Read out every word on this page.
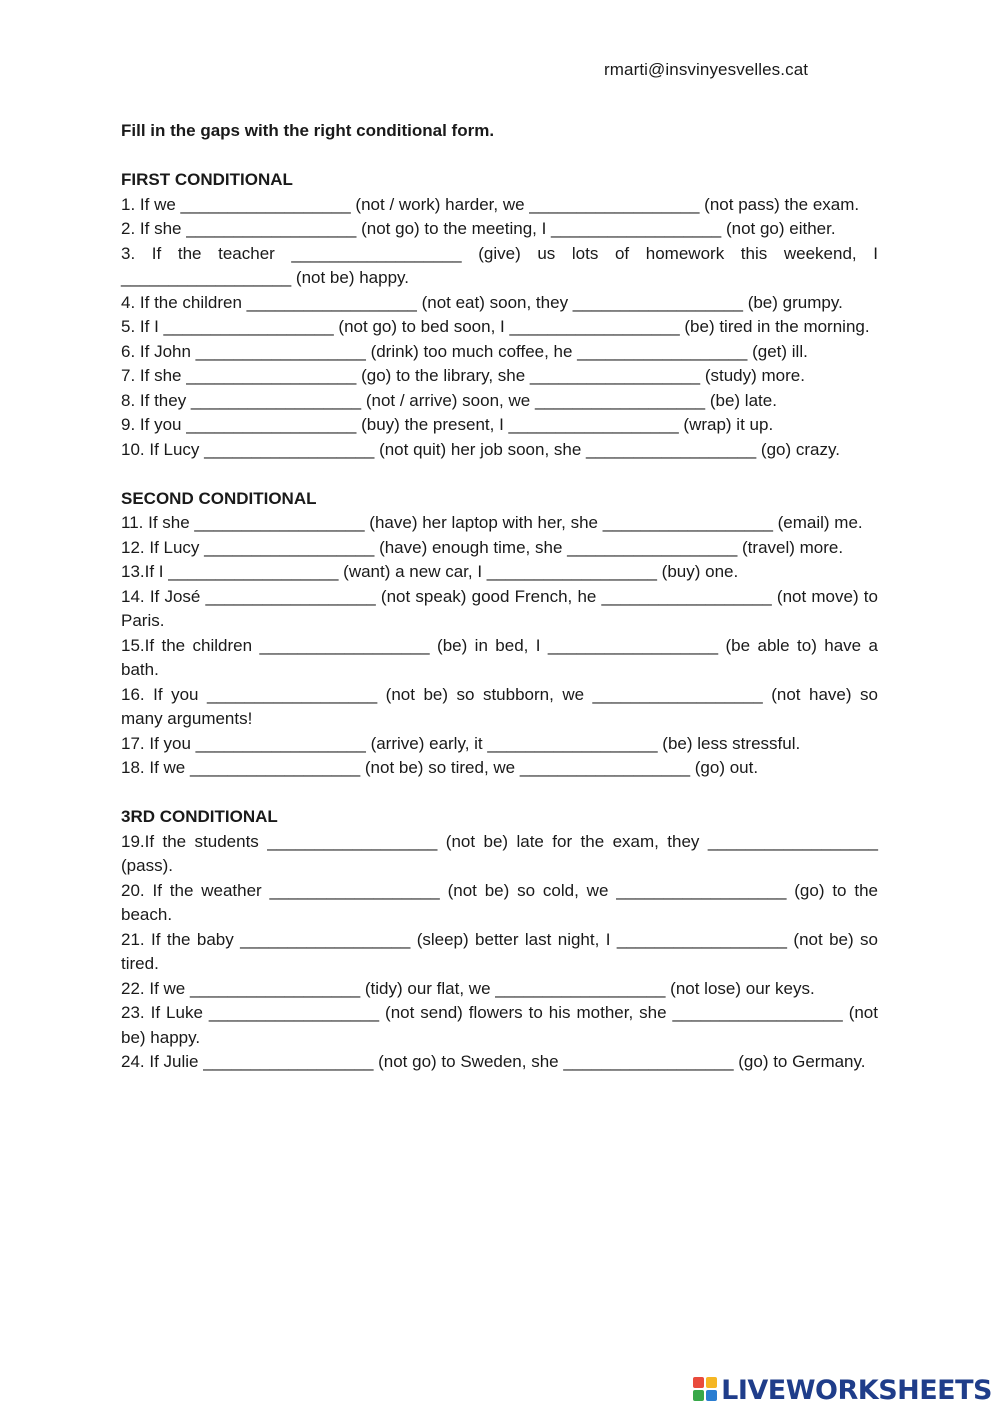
rmarti@insvinyesvelles.cat

Fill in the gaps with the right conditional form.

FIRST CONDITIONAL

1. If we __________________ (not / work) harder, we __________________ (not pass) the exam.

2. If she __________________ (not go) to the meeting, I __________________ (not go) either.

3. If the teacher __________________ (give) us lots of homework this weekend, I __________________ (not be) happy.

4. If the children __________________ (not eat) soon, they __________________ (be) grumpy.

5. If I __________________ (not go) to bed soon, I __________________ (be) tired in the morning.

6. If John __________________ (drink) too much coffee, he __________________ (get) ill.

7. If she __________________ (go) to the library, she __________________ (study) more.

8. If they __________________ (not / arrive) soon, we __________________ (be) late.

9. If you __________________ (buy) the present, I __________________ (wrap) it up.

10. If Lucy __________________ (not quit) her job soon, she __________________ (go) crazy.

SECOND CONDITIONAL

11. If she __________________ (have) her laptop with her, she __________________ (email) me.

12. If Lucy __________________ (have) enough time, she __________________ (travel) more.

13.If I __________________ (want) a new car, I __________________ (buy) one.

14. If José __________________ (not speak) good French, he __________________ (not move) to Paris.

15.If the children __________________ (be) in bed, I __________________ (be able to) have a bath.

16. If you __________________ (not be) so stubborn, we __________________ (not have) so many arguments!

17. If you __________________ (arrive) early, it __________________ (be) less stressful.

18. If we __________________ (not be) so tired, we __________________ (go) out.

3RD CONDITIONAL

19.If the students __________________ (not be) late for the exam, they __________________ (pass).

20. If the weather __________________ (not be) so cold, we __________________ (go) to the beach.

21. If the baby __________________ (sleep) better last night, I __________________ (not be) so tired.

22. If we __________________ (tidy) our flat, we __________________ (not lose) our keys.

23. If Luke __________________ (not send) flowers to his mother, she __________________ (not be) happy.

24. If Julie __________________ (not go) to Sweden, she __________________ (go) to Germany.

LIVEWORKSHEETS
